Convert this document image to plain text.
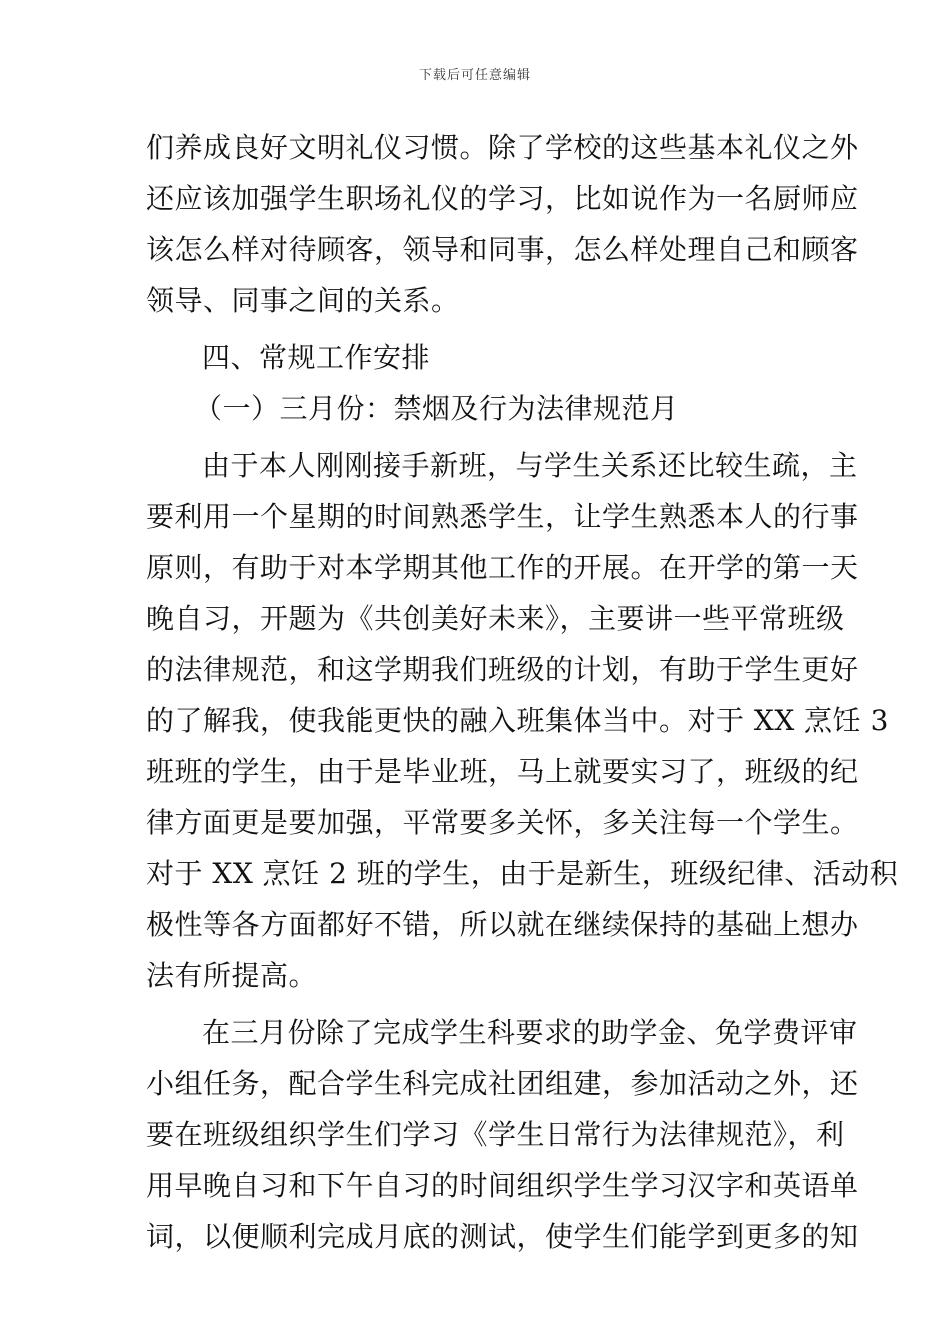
下载后可任意编辑
们养成良好文明礼仪习惯。除了学校的这些基本礼仪之外
还应该加强学生职场礼仪的学习，比如说作为一名厨师应
该怎么样对待顾客，领导和同事，怎么样处理自己和顾客
领导、同事之间的关系。
四、常规工作安排
（一）三月份：禁烟及行为法律规范月
由于本人刚刚接手新班，与学生关系还比较生疏，主
要利用一个星期的时间熟悉学生，让学生熟悉本人的行事
原则，有助于对本学期其他工作的开展。在开学的第一天
晚自习，开题为《共创美好未来》，主要讲一些平常班级
的法律规范，和这学期我们班级的计划，有助于学生更好
的了解我，使我能更快的融入班集体当中。对于 XX 烹饪 3
班班的学生，由于是毕业班，马上就要实习了，班级的纪
律方面更是要加强，平常要多关怀，多关注每一个学生。
对于 XX 烹饪 2 班的学生，由于是新生，班级纪律、活动积
极性等各方面都好不错，所以就在继续保持的基础上想办
法有所提高。
在三月份除了完成学生科要求的助学金、免学费评审
小组任务，配合学生科完成社团组建，参加活动之外，还
要在班级组织学生们学习《学生日常行为法律规范》，利
用早晚自习和下午自习的时间组织学生学习汉字和英语单
词，以便顺利完成月底的测试，使学生们能学到更多的知
